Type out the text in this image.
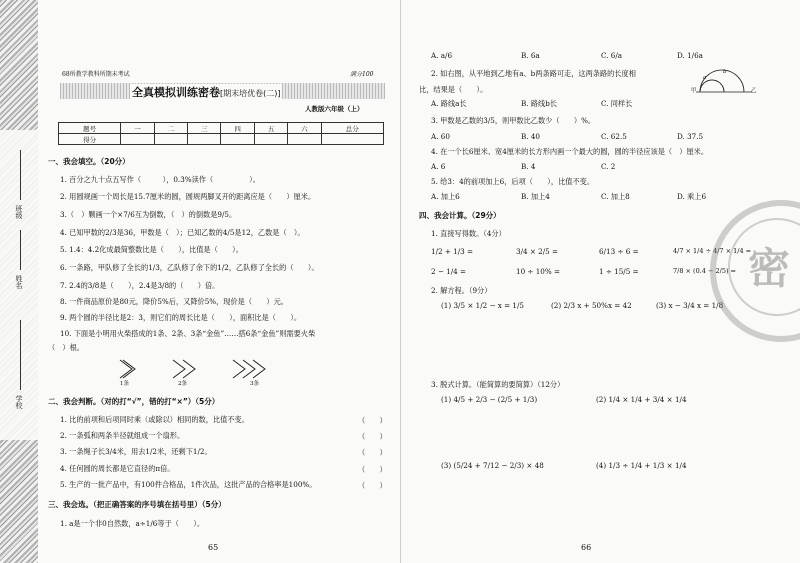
班级
姓名
学校
68所教学教科所期末考试	满分100
全真模拟训练密卷[期末培优卷(二)]
人教版六年级（上）
题号	一	二	三	四	五	六	总分
得分							
一、我会填空。（20分）
1. 百分之九十点五写作（　　　），0.3%读作（　　　　　）。
2. 用圆规画一个周长是15.7厘米的圆，圆规两脚叉开的距离应是（　　）厘米。
3.（　）颗画一个×7/6互为倒数，（　）的倒数是9/5。
4. 已知甲数的2/3是36，甲数是（　）；已知乙数的4/5是12，乙数是（　）。
5. 1.4：4.2化成最简整数比是（　　），比值是（　　）。
6. 一条路，甲队修了全长的1/3，乙队修了余下的1/2，乙队修了全长的（　　）。
7. 2.4的3/8是（　　），2.4是3/8的（　　）倍。
8. 一件商品原价是80元，降价5%后，又降价5%，现价是（　　）元。
9. 两个圆的半径比是2：3，则它们的周长比是（　　），面积比是（　　）。
10. 下面是小明用火柴搭成的1条、2条、3条“金鱼”……搭6条“金鱼”则需要火柴
（　）根。
1条	2条	3条
二、我会判断。（对的打“√”，错的打“×”）（5分）
1. 比的前项和后项同时乘（或除以）相同的数，比值不变。
2. 一条弧和两条半径就组成一个扇形。
3. 一条绳子长3/4米，用去1/2米，还剩下1/2。
4. 任何圆的周长都是它直径的π倍。
5. 生产的一批产品中，有100件合格品，1件次品，这批产品的合格率是100%。
（　　）
（　　）
（　　）
（　　）
（　　）
三、我会选。（把正确答案的序号填在括号里）（5分）
1. a是一个非0自然数，a÷1/6等于（　　）。
65
A. a/6	B. 6a	C. 6/a	D. 1/6a
2. 如右图，从平地到乙地有a、b两条路可走，这两条路的长度相
比，结果是（　　）。
A. 路线a长	B. 路线b长	C. 同样长
甲	乙
a
b
3. 甲数是乙数的3/5，则甲数比乙数少（　　）%。
A. 60	B. 40	C. 62.5	D. 37.5
4. 在一个长6厘米、宽4厘米的长方形内画一个最大的圆，圆的半径应该是（　）厘米。
A. 6	B. 4	C. 2
5. 给3：4的前项加上6，后项（　　），比值不变。
A. 加上6	B. 加上4	C. 加上8	D. 乘上6
四、我会计算。（29分）
1. 直接写得数。（4分）
1/2 + 1/3 =	3/4 × 2/5 =	6/13 ÷ 6 =	4/7 × 1/4 ÷ 4/7 × 1/4 =
2 − 1/4 =	10 ÷ 10% =	1 ÷ 15/5 =	7/8 × (0.4 − 2/5) =
2. 解方程。（9分）
(1) 3/5 × 1/2 − x = 1/5	(2) 2/3 x + 50%x = 42	(3) x − 3/4 x = 1/8
3. 脱式计算。（能简算的要简算）（12分）
(1) 4/5 + 2/3 − (2/5 + 1/3)	(2) 1/4 × 1/4 + 3/4 × 1/4
(3) (5/24 + 7/12 − 2/3) × 48	(4) 1/3 ÷ 1/4 + 1/3 × 1/4
66
密
